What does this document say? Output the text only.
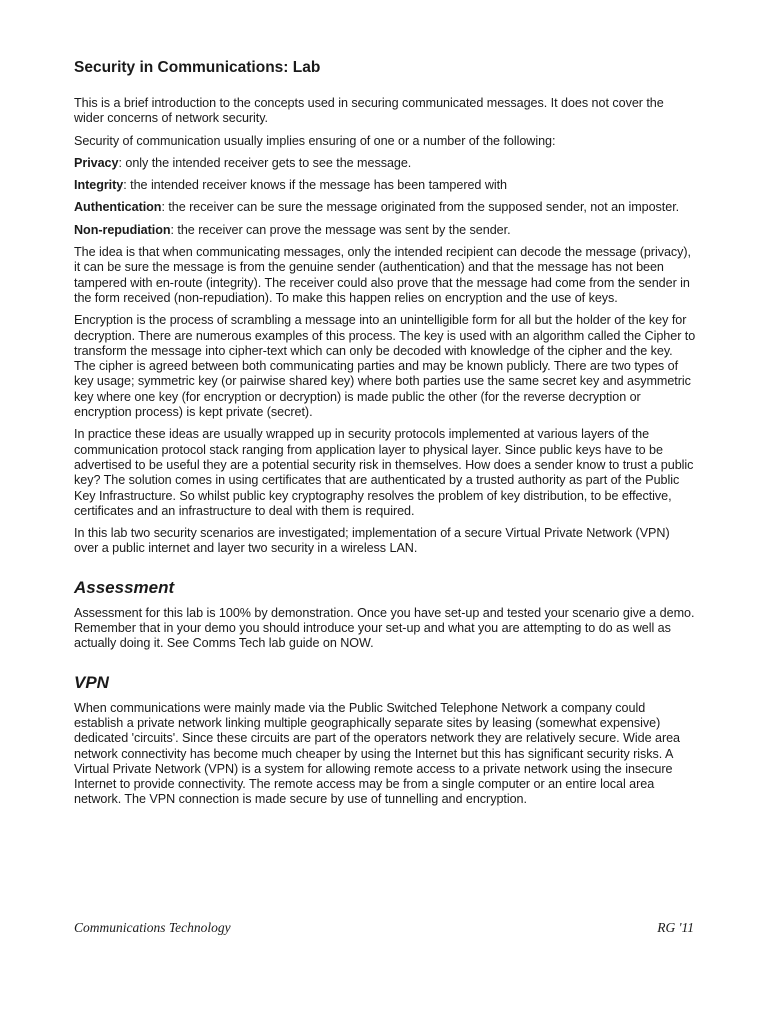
Security in Communications: Lab

This is a brief introduction to the concepts used in securing communicated messages. It does not cover the wider concerns of network security.

Security of communication usually implies ensuring of one or a number of the following:

Privacy: only the intended receiver gets to see the message.

Integrity: the intended receiver knows if the message has been tampered with

Authentication: the receiver can be sure the message originated from the supposed sender, not an imposter.

Non-repudiation: the receiver can prove the message was sent by the sender.

The idea is that when communicating messages, only the intended recipient can decode the message (privacy), it can be sure the message is from the genuine sender (authentication) and that the message has not been tampered with en-route (integrity). The receiver could also prove that the message had come from the sender in the form received (non-repudiation). To make this happen relies on encryption and the use of keys.

Encryption is the process of scrambling a message into an unintelligible form for all but the holder of the key for decryption. There are numerous examples of this process. The key is used with an algorithm called the Cipher to transform the message into cipher-text which can only be decoded with knowledge of the cipher and the key. The cipher is agreed between both communicating parties and may be known publicly. There are two types of key usage; symmetric key (or pairwise shared key) where both parties use the same secret key and asymmetric key where one key (for encryption or decryption) is made public the other (for the reverse decryption or encryption process) is kept private (secret).

In practice these ideas are usually wrapped up in security protocols implemented at various layers of the communication protocol stack ranging from application layer to physical layer. Since public keys have to be advertised to be useful they are a potential security risk in themselves. How does a sender know to trust a public key? The solution comes in using certificates that are authenticated by a trusted authority as part of the Public Key Infrastructure. So whilst public key cryptography resolves the problem of key distribution, to be effective, certificates and an infrastructure to deal with them is required.

In this lab two security scenarios are investigated; implementation of a secure Virtual Private Network (VPN) over a public internet and layer two security in a wireless LAN.

Assessment

Assessment for this lab is 100% by demonstration. Once you have set-up and tested your scenario give a demo. Remember that in your demo you should introduce your set-up and what you are attempting to do as well as actually doing it. See Comms Tech lab guide on NOW.

VPN

When communications were mainly made via the Public Switched Telephone Network a company could establish a private network linking multiple geographically separate sites by leasing (somewhat expensive) dedicated 'circuits'. Since these circuits are part of the operators network they are relatively secure. Wide area network connectivity has become much cheaper by using the Internet but this has significant security risks. A Virtual Private Network (VPN) is a system for allowing remote access to a private network using the insecure Internet to provide connectivity. The remote access may be from a single computer or an entire local area network. The VPN connection is made secure by use of tunnelling and encryption.

Communications Technology	RG '11
